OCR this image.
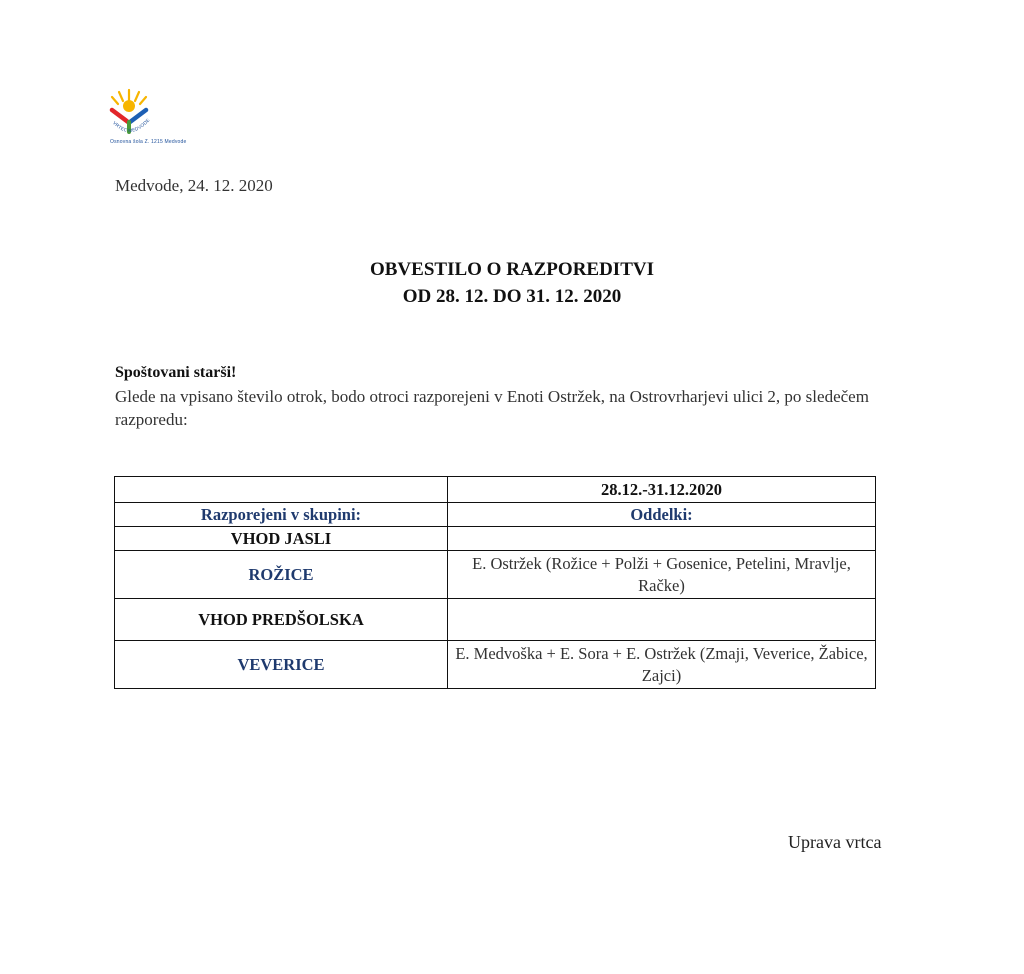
VRTEC MEDVODE
Osnovna šola Z. 1215 Medvode
Medvode, 24. 12. 2020
OBVESTILO O RAZPOREDITVI
OD 28. 12. DO 31. 12. 2020
Spoštovani starši!
Glede na vpisano število otrok, bodo otroci razporejeni v Enoti Ostržek, na Ostrovrharjevi ulici 2, po sledečem razporedu:
	28.12.-31.12.2020
Razporejeni v skupini:	Oddelki:
VHOD JASLI	
ROŽICE	E. Ostržek (Rožice + Polži + Gosenice, Petelini, Mravlje, Račke)
VHOD PREDŠOLSKA	
VEVERICE	E. Medvoška + E. Sora + E. Ostržek (Zmaji, Veverice, Žabice, Zajci)
Uprava vrtca
